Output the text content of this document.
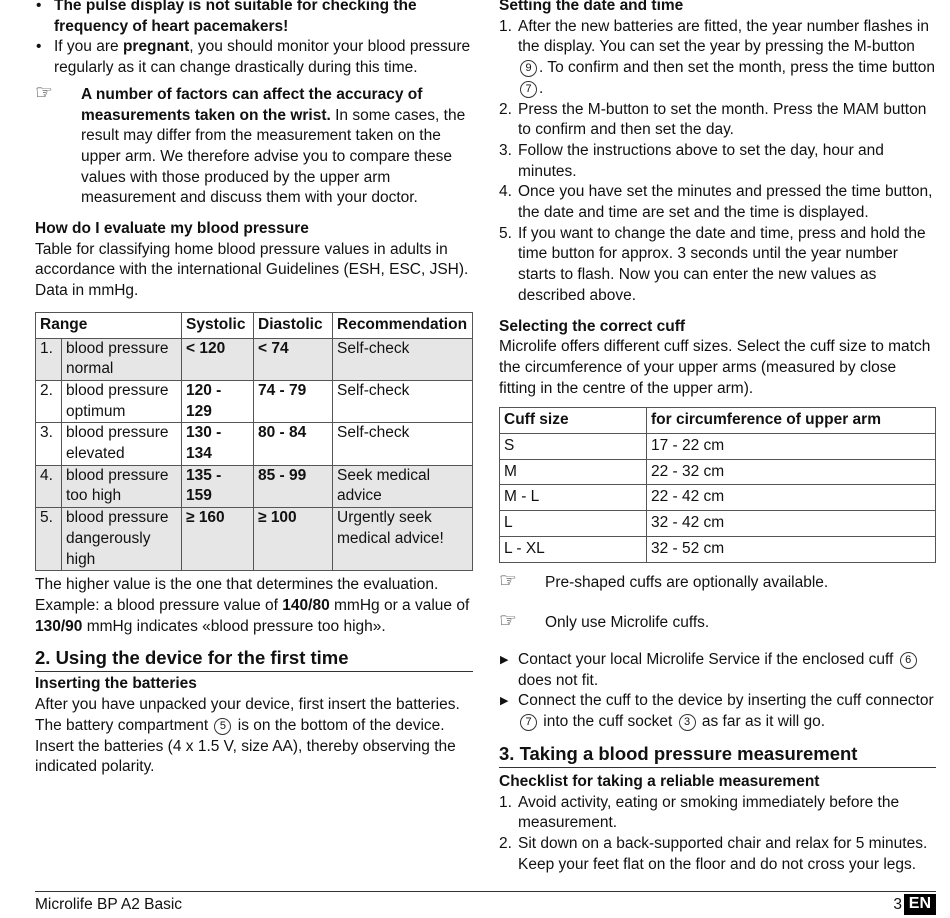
• The pulse display is not suitable for checking the frequency of heart pacemakers!
• If you are pregnant, you should monitor your blood pressure regularly as it can change drastically during this time.
☞ A number of factors can affect the accuracy of measurements taken on the wrist. In some cases, the result may differ from the measurement taken on the upper arm. We therefore advise you to compare these values with those produced by the upper arm measurement and discuss them with your doctor.

How do I evaluate my blood pressure

Table for classifying home blood pressure values in adults in accordance with the international Guidelines (ESH, ESC, JSH). Data in mmHg.

Range		Systolic	Diastolic	Recommendation
1.	blood pressure normal	< 120	< 74	Self-check
2.	blood pressure optimum	120 - 129	74 - 79	Self-check
3.	blood pressure elevated	130 - 134	80 - 84	Self-check
4.	blood pressure too high	135 - 159	85 - 99	Seek medical advice
5.	blood pressure dangerously high	≥ 160	≥ 100	Urgently seek medical advice!

The higher value is the one that determines the evaluation.

Example: a blood pressure value of 140/80 mmHg or a value of 130/90 mmHg indicates «blood pressure too high».

2. Using the device for the first time

Inserting the batteries

After you have unpacked your device, first insert the batteries. The battery compartment 5 is on the bottom of the device. Insert the batteries (4 x 1.5 V, size AA), thereby observing the indicated polarity.

Setting the date and time

1. After the new batteries are fitted, the year number flashes in the display. You can set the year by pressing the M-button 9 . To confirm and then set the month, press the time button 7 .
2. Press the M-button to set the month. Press the MAM button to confirm and then set the day.
3. Follow the instructions above to set the day, hour and minutes.
4. Once you have set the minutes and pressed the time button, the date and time are set and the time is displayed.
5. If you want to change the date and time, press and hold the time button for approx. 3 seconds until the year number starts to flash. Now you can enter the new values as described above.

Selecting the correct cuff

Microlife offers different cuff sizes. Select the cuff size to match the circumference of your upper arms (measured by close fitting in the centre of the upper arm).

Cuff size	for circumference of upper arm
S	17 - 22 cm
M	22 - 32 cm
M - L	22 - 42 cm
L	32 - 42 cm
L - XL	32 - 52 cm
☞ Pre-shaped cuffs are optionally available.
☞ Only use Microlife cuffs.
▶ Contact your local Microlife Service if the enclosed cuff 6 does not fit.
▶ Connect the cuff to the device by inserting the cuff connector 7 into the cuff socket 3 as far as it will go.
3. Taking a blood pressure measurement

Checklist for taking a reliable measurement

1. Avoid activity, eating or smoking immediately before the measurement.
2. Sit down on a back-supported chair and relax for 5 minutes. Keep your feet flat on the floor and do not cross your legs.
Microlife BP A2 Basic	3 EN
